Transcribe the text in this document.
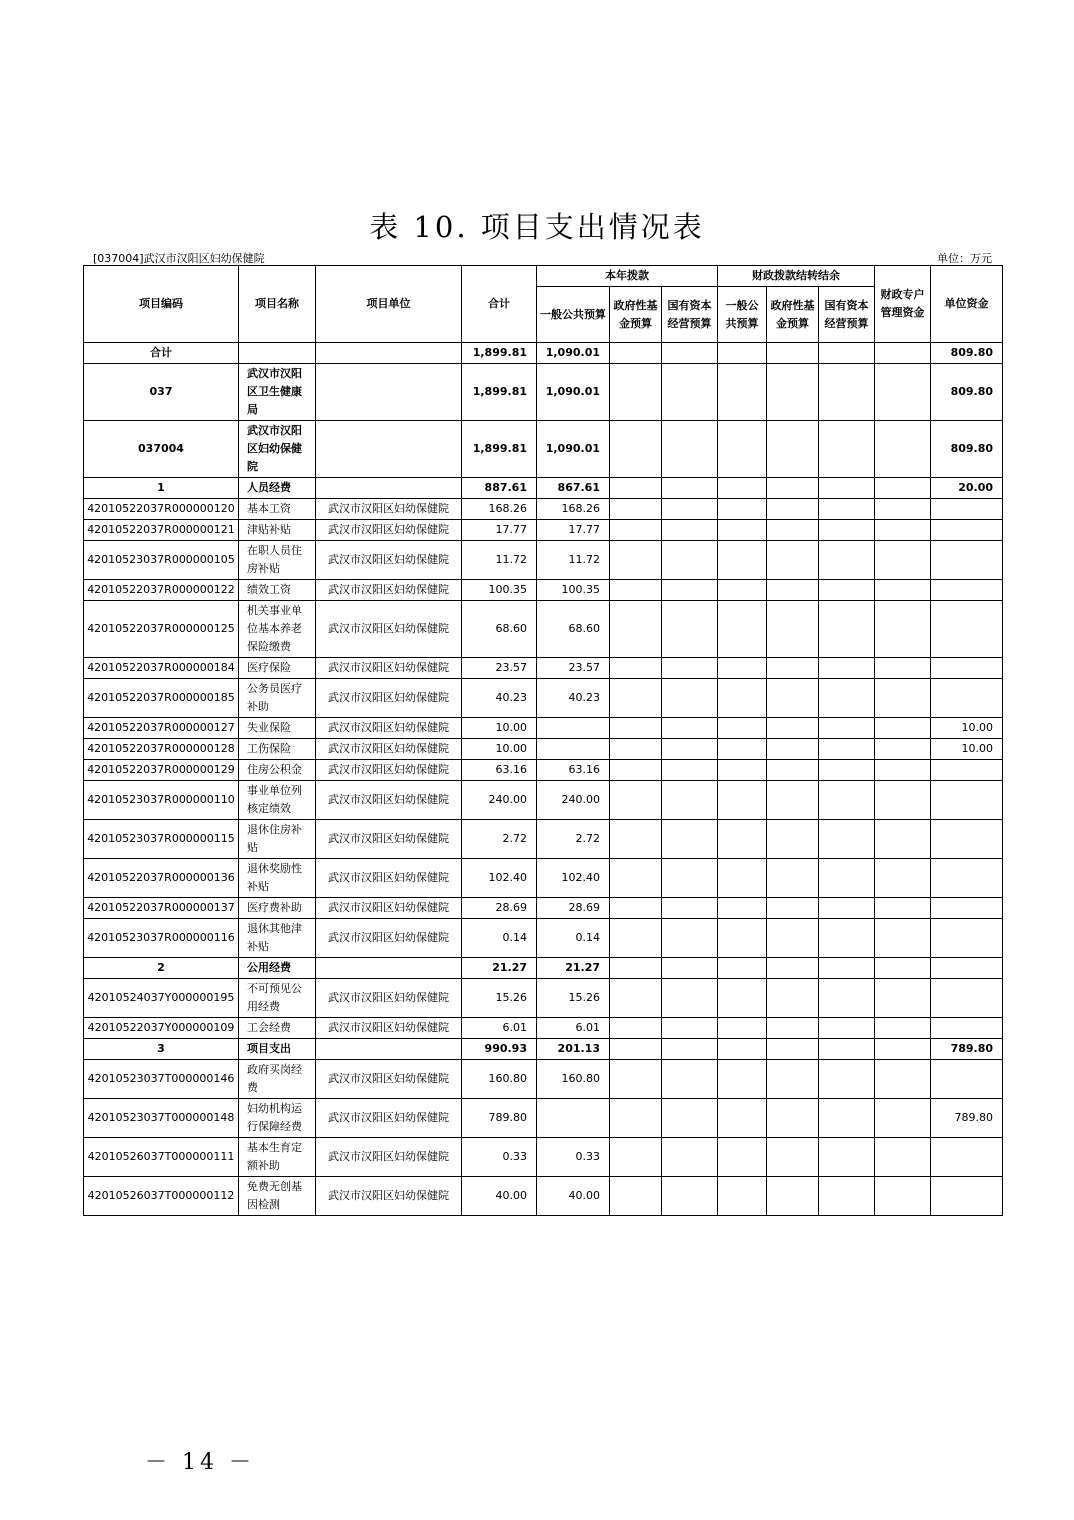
表 10. 项目支出情况表
[037004]武汉市汉阳区妇幼保健院	单位：万元
项目编码	项目名称	项目单位	合计	本年拨款			财政拨款结转结余			财政专户管理资金	单位资金
				一般公共预算	政府性基金预算	国有资本经营预算	一般公共预算	政府性基金预算	国有资本经营预算		
合计			1,899.81	1,090.01							809.80
037	武汉市汉阳区卫生健康局		1,899.81	1,090.01							809.80
037004	武汉市汉阳区妇幼保健院		1,899.81	1,090.01							809.80
1	人员经费		887.61	867.61							20.00
42010522037R000000120	基本工资	武汉市汉阳区妇幼保健院	168.26	168.26							
42010522037R000000121	津贴补贴	武汉市汉阳区妇幼保健院	17.77	17.77							
42010523037R000000105	在职人员住房补贴	武汉市汉阳区妇幼保健院	11.72	11.72							
42010522037R000000122	绩效工资	武汉市汉阳区妇幼保健院	100.35	100.35							
42010522037R000000125	机关事业单位基本养老保险缴费	武汉市汉阳区妇幼保健院	68.60	68.60							
42010522037R000000184	医疗保险	武汉市汉阳区妇幼保健院	23.57	23.57							
42010522037R000000185	公务员医疗补助	武汉市汉阳区妇幼保健院	40.23	40.23							
42010522037R000000127	失业保险	武汉市汉阳区妇幼保健院	10.00								10.00
42010522037R000000128	工伤保险	武汉市汉阳区妇幼保健院	10.00								10.00
42010522037R000000129	住房公积金	武汉市汉阳区妇幼保健院	63.16	63.16							
42010523037R000000110	事业单位列核定绩效	武汉市汉阳区妇幼保健院	240.00	240.00							
42010523037R000000115	退休住房补贴	武汉市汉阳区妇幼保健院	2.72	2.72							
42010522037R000000136	退休奖励性补贴	武汉市汉阳区妇幼保健院	102.40	102.40							
42010522037R000000137	医疗费补助	武汉市汉阳区妇幼保健院	28.69	28.69							
42010523037R000000116	退休其他津补贴	武汉市汉阳区妇幼保健院	0.14	0.14							
2	公用经费		21.27	21.27							
42010524037Y000000195	不可预见公用经费	武汉市汉阳区妇幼保健院	15.26	15.26							
42010522037Y000000109	工会经费	武汉市汉阳区妇幼保健院	6.01	6.01							
3	项目支出		990.93	201.13							789.80
42010523037T000000146	政府买岗经费	武汉市汉阳区妇幼保健院	160.80	160.80							
42010523037T000000148	妇幼机构运行保障经费	武汉市汉阳区妇幼保健院	789.80								789.80
42010526037T000000111	基本生育定额补助	武汉市汉阳区妇幼保健院	0.33	0.33							
42010526037T000000112	免费无创基因检测	武汉市汉阳区妇幼保健院	40.00	40.00							
－ 14 －
